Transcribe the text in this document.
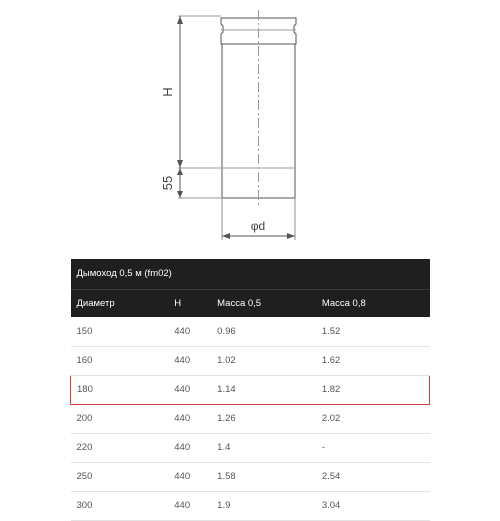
H
55
φd
Дымоход 0,5 м (fm02)			
Диаметр	H	Масса 0,5	Масса 0,8
150	440	0.96	1.52
160	440	1.02	1.62
180	440	1.14	1.82
200	440	1.26	2.02
220	440	1.4	-
250	440	1.58	2.54
300	440	1.9	3.04
